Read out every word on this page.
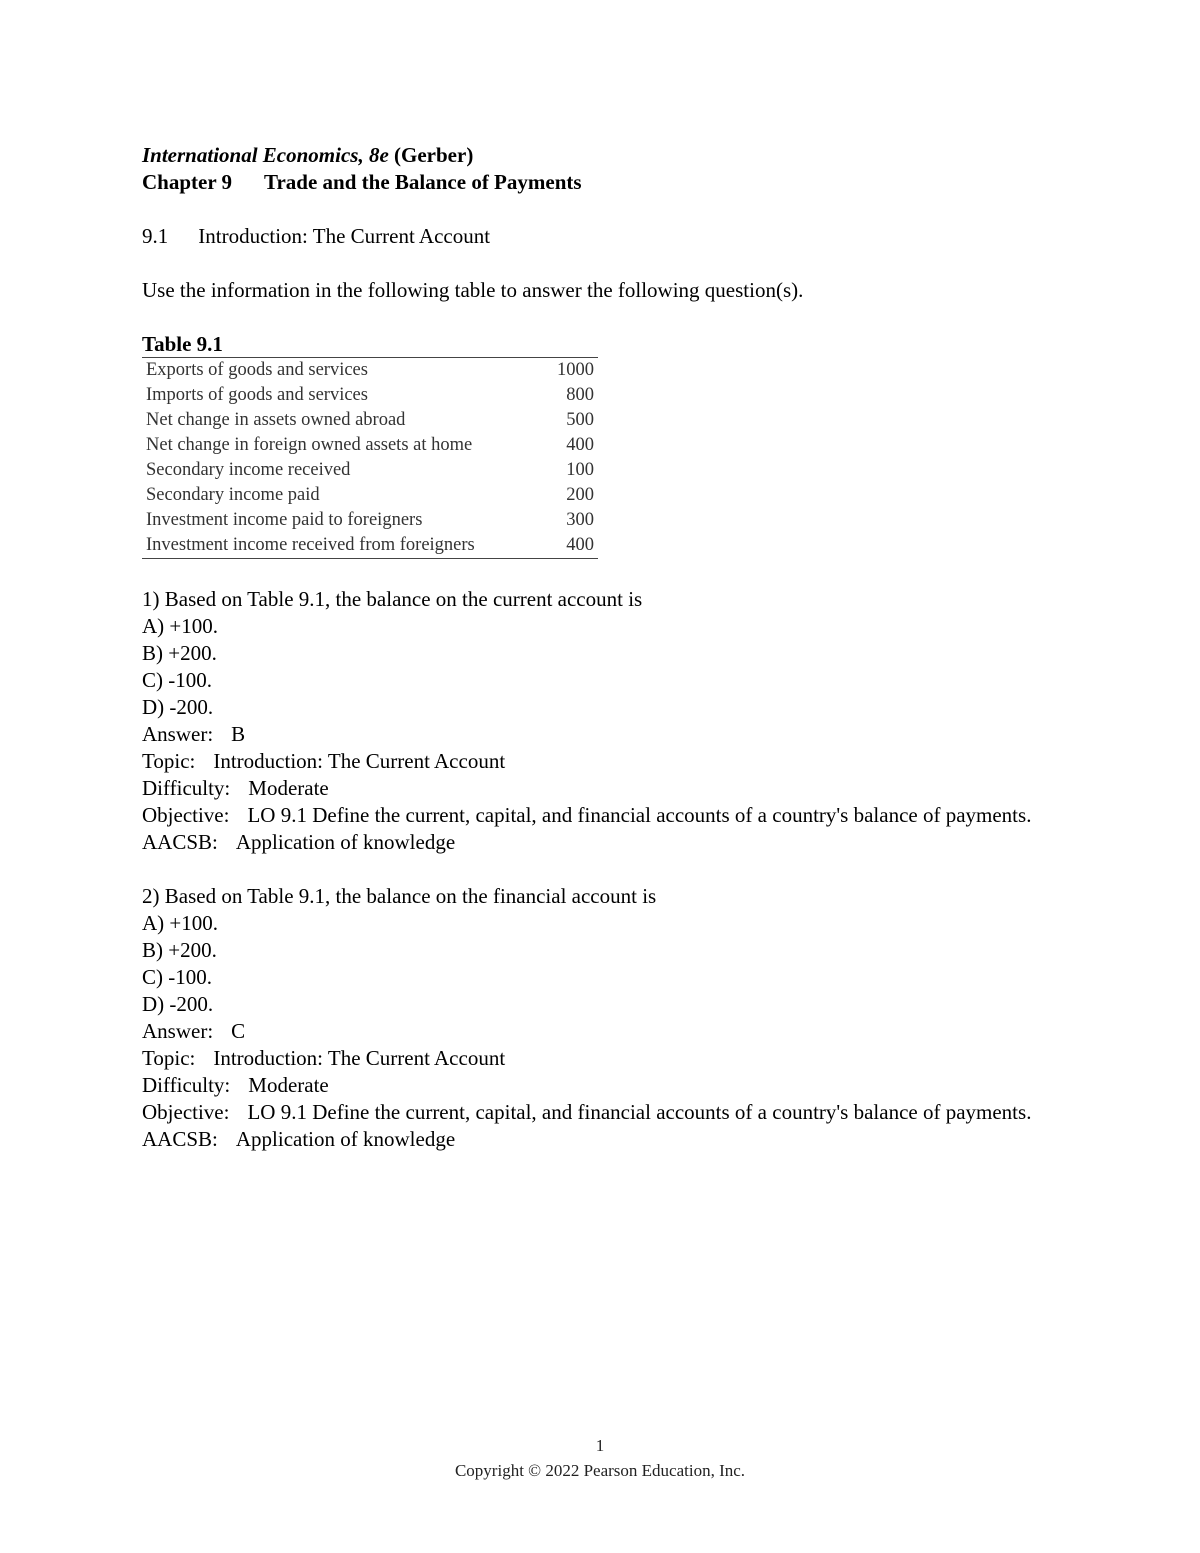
International Economics, 8e (Gerber)

Chapter 9 Trade and the Balance of Payments

9.1 Introduction: The Current Account
Use the information in the following table to answer the following question(s).
Table 9.1
Exports of goods and services	1000
Imports of goods and services	800
Net change in assets owned abroad	500
Net change in foreign owned assets at home	400
Secondary income received	100
Secondary income paid	200
Investment income paid to foreigners	300
Investment income received from foreigners	400
1) Based on Table 9.1, the balance on the current account is
A) +100.
B) +200.
C) -100.
D) -200.
Answer: B
Topic: Introduction: The Current Account
Difficulty: Moderate
Objective: LO 9.1 Define the current, capital, and financial accounts of a country's balance of payments.
AACSB: Application of knowledge
2) Based on Table 9.1, the balance on the financial account is
A) +100.
B) +200.
C) -100.
D) -200.
Answer: C
Topic: Introduction: The Current Account
Difficulty: Moderate
Objective: LO 9.1 Define the current, capital, and financial accounts of a country's balance of payments.
AACSB: Application of knowledge
1
Copyright © 2022 Pearson Education, Inc.
